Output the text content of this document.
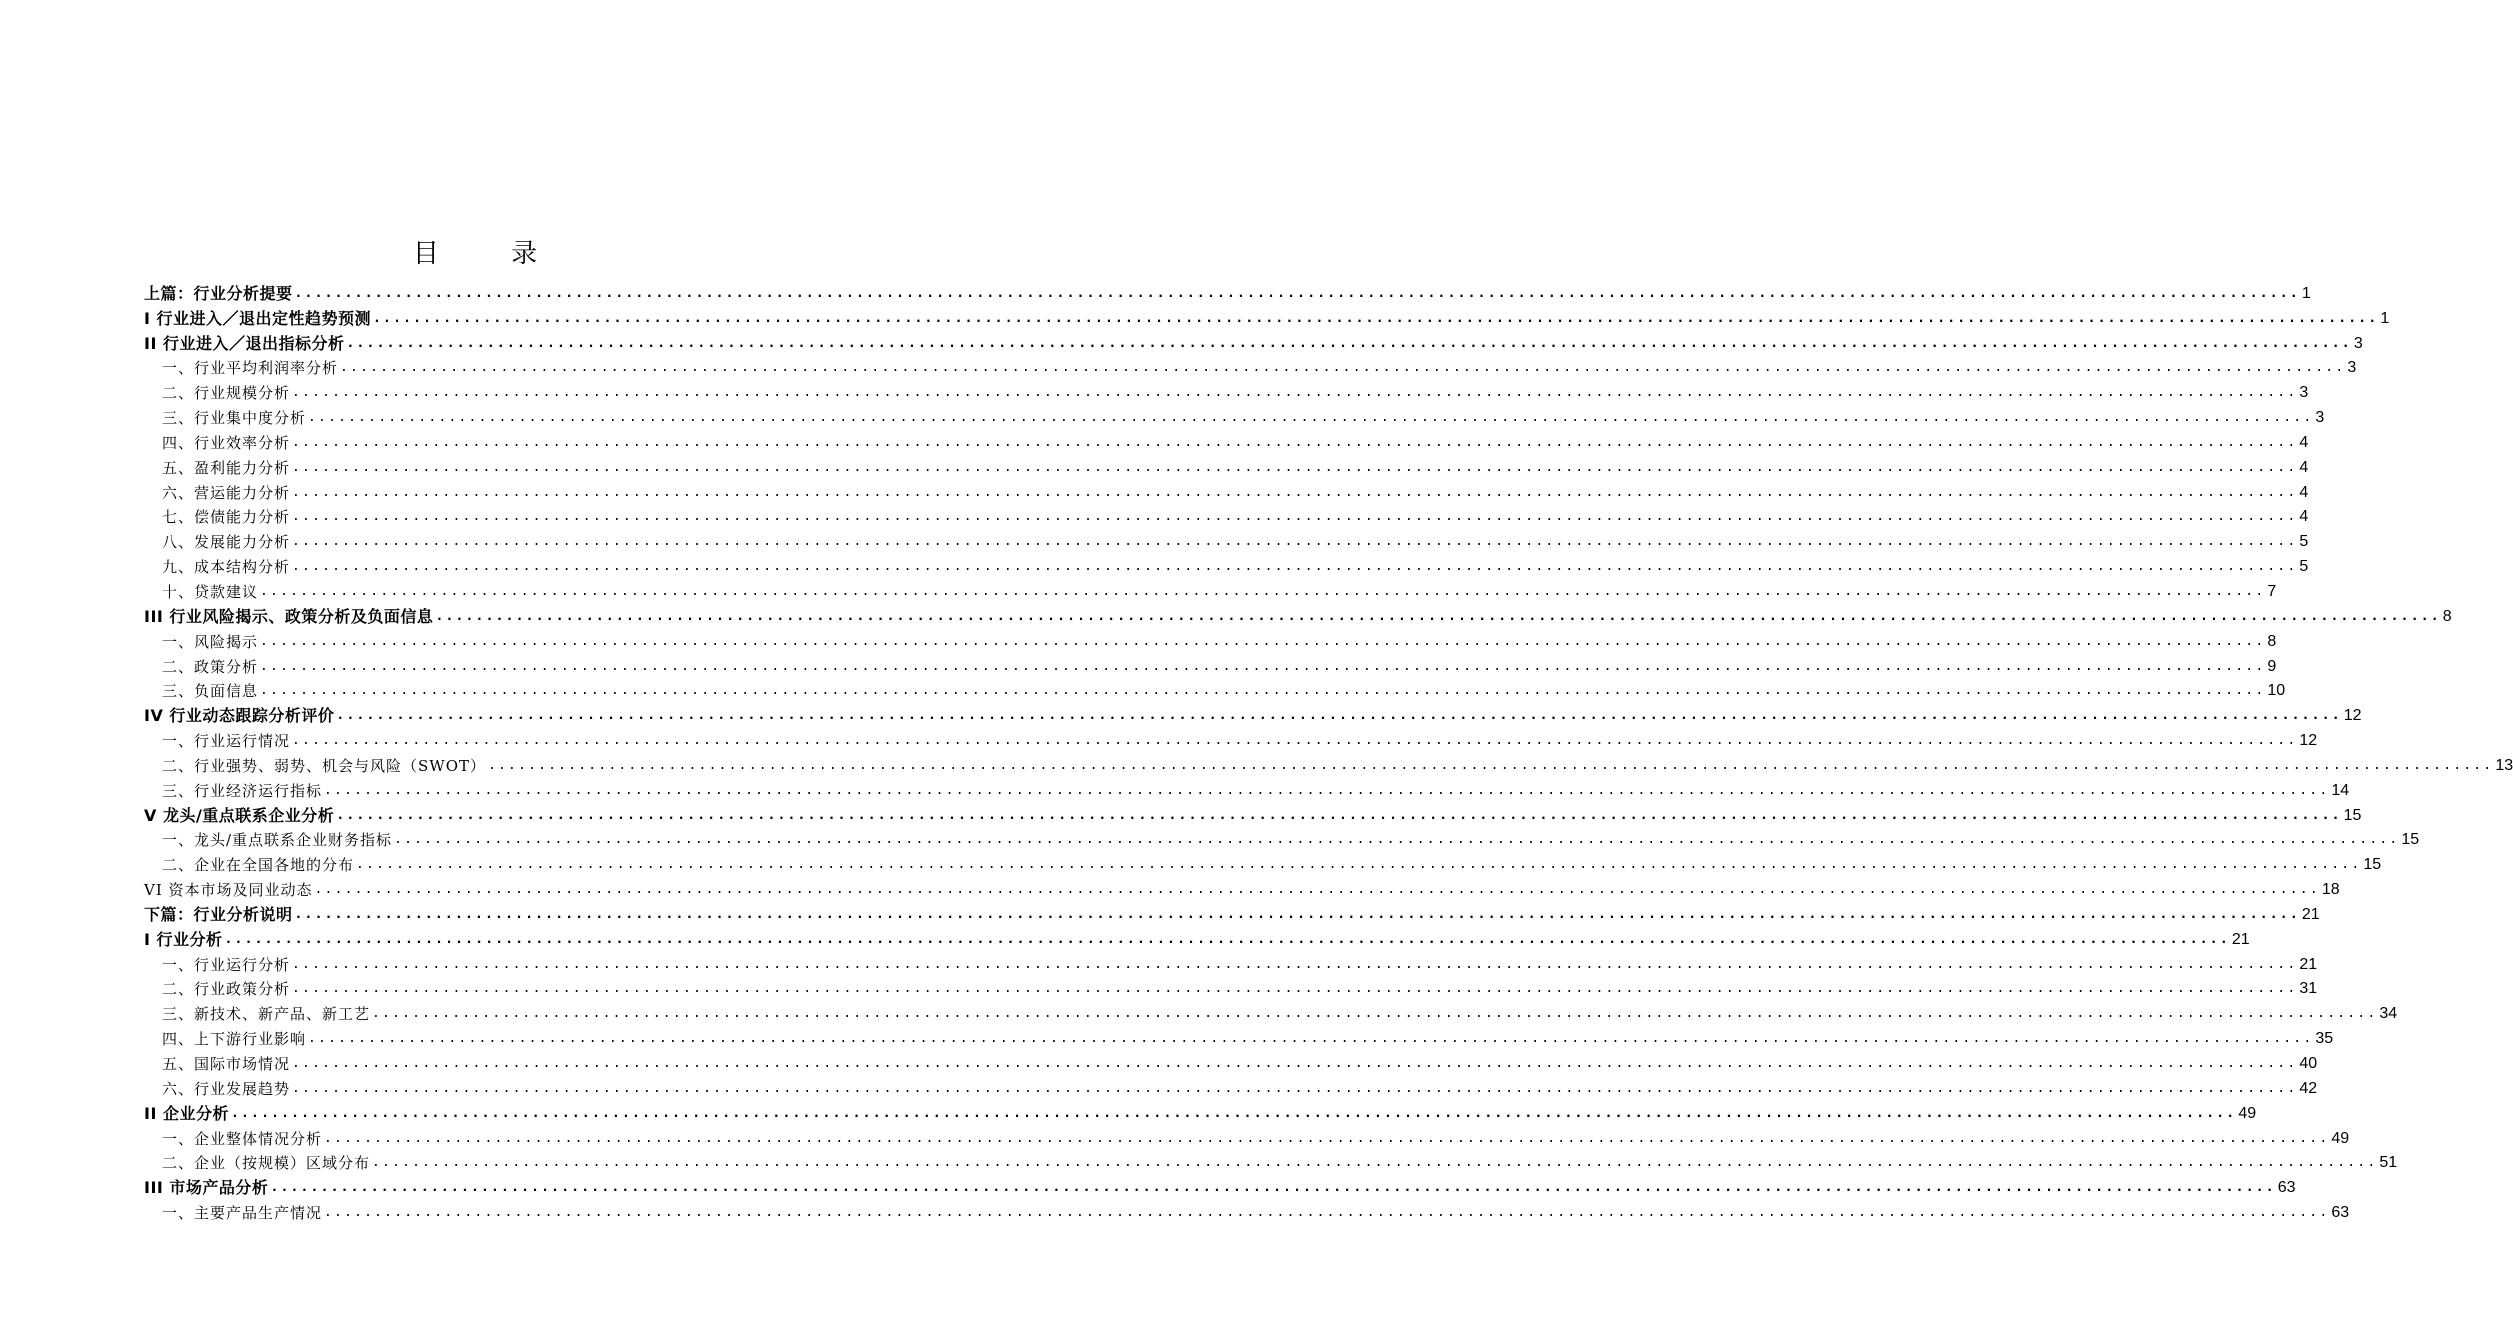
目 录
上篇：行业分析提要 ........................................................................................................................................................................................................ 1
I 行业进入／退出定性趋势预测 ........................................................................................................................................................................................................ 1
II 行业进入／退出指标分析 ........................................................................................................................................................................................................ 3
一、行业平均利润率分析 ........................................................................................................................................................................................................ 3
二、行业规模分析 ........................................................................................................................................................................................................ 3
三、行业集中度分析 ........................................................................................................................................................................................................ 3
四、行业效率分析 ........................................................................................................................................................................................................ 4
五、盈利能力分析 ........................................................................................................................................................................................................ 4
六、营运能力分析 ........................................................................................................................................................................................................ 4
七、偿债能力分析 ........................................................................................................................................................................................................ 4
八、发展能力分析 ........................................................................................................................................................................................................ 5
九、成本结构分析 ........................................................................................................................................................................................................ 5
十、贷款建议 ........................................................................................................................................................................................................ 7
III 行业风险揭示、政策分析及负面信息 ........................................................................................................................................................................................................ 8
一、风险揭示 ........................................................................................................................................................................................................ 8
二、政策分析 ........................................................................................................................................................................................................ 9
三、负面信息 ........................................................................................................................................................................................................ 10
IV 行业动态跟踪分析评价 ........................................................................................................................................................................................................ 12
一、行业运行情况 ........................................................................................................................................................................................................ 12
二、行业强势、弱势、机会与风险（SWOT） ........................................................................................................................................................................................................ 13
三、行业经济运行指标 ........................................................................................................................................................................................................ 14
V 龙头/重点联系企业分析 ........................................................................................................................................................................................................ 15
一、龙头/重点联系企业财务指标 ........................................................................................................................................................................................................ 15
二、企业在全国各地的分布 ........................................................................................................................................................................................................ 15
VI 资本市场及同业动态 ........................................................................................................................................................................................................ 18
下篇：行业分析说明 ........................................................................................................................................................................................................ 21
I 行业分析 ........................................................................................................................................................................................................ 21
一、行业运行分析 ........................................................................................................................................................................................................ 21
二、行业政策分析 ........................................................................................................................................................................................................ 31
三、新技术、新产品、新工艺 ........................................................................................................................................................................................................ 34
四、上下游行业影响 ........................................................................................................................................................................................................ 35
五、国际市场情况 ........................................................................................................................................................................................................ 40
六、行业发展趋势 ........................................................................................................................................................................................................ 42
II 企业分析 ........................................................................................................................................................................................................ 49
一、企业整体情况分析 ........................................................................................................................................................................................................ 49
二、企业（按规模）区域分布 ........................................................................................................................................................................................................ 51
III 市场产品分析 ........................................................................................................................................................................................................ 63
一、主要产品生产情况 ........................................................................................................................................................................................................ 63
